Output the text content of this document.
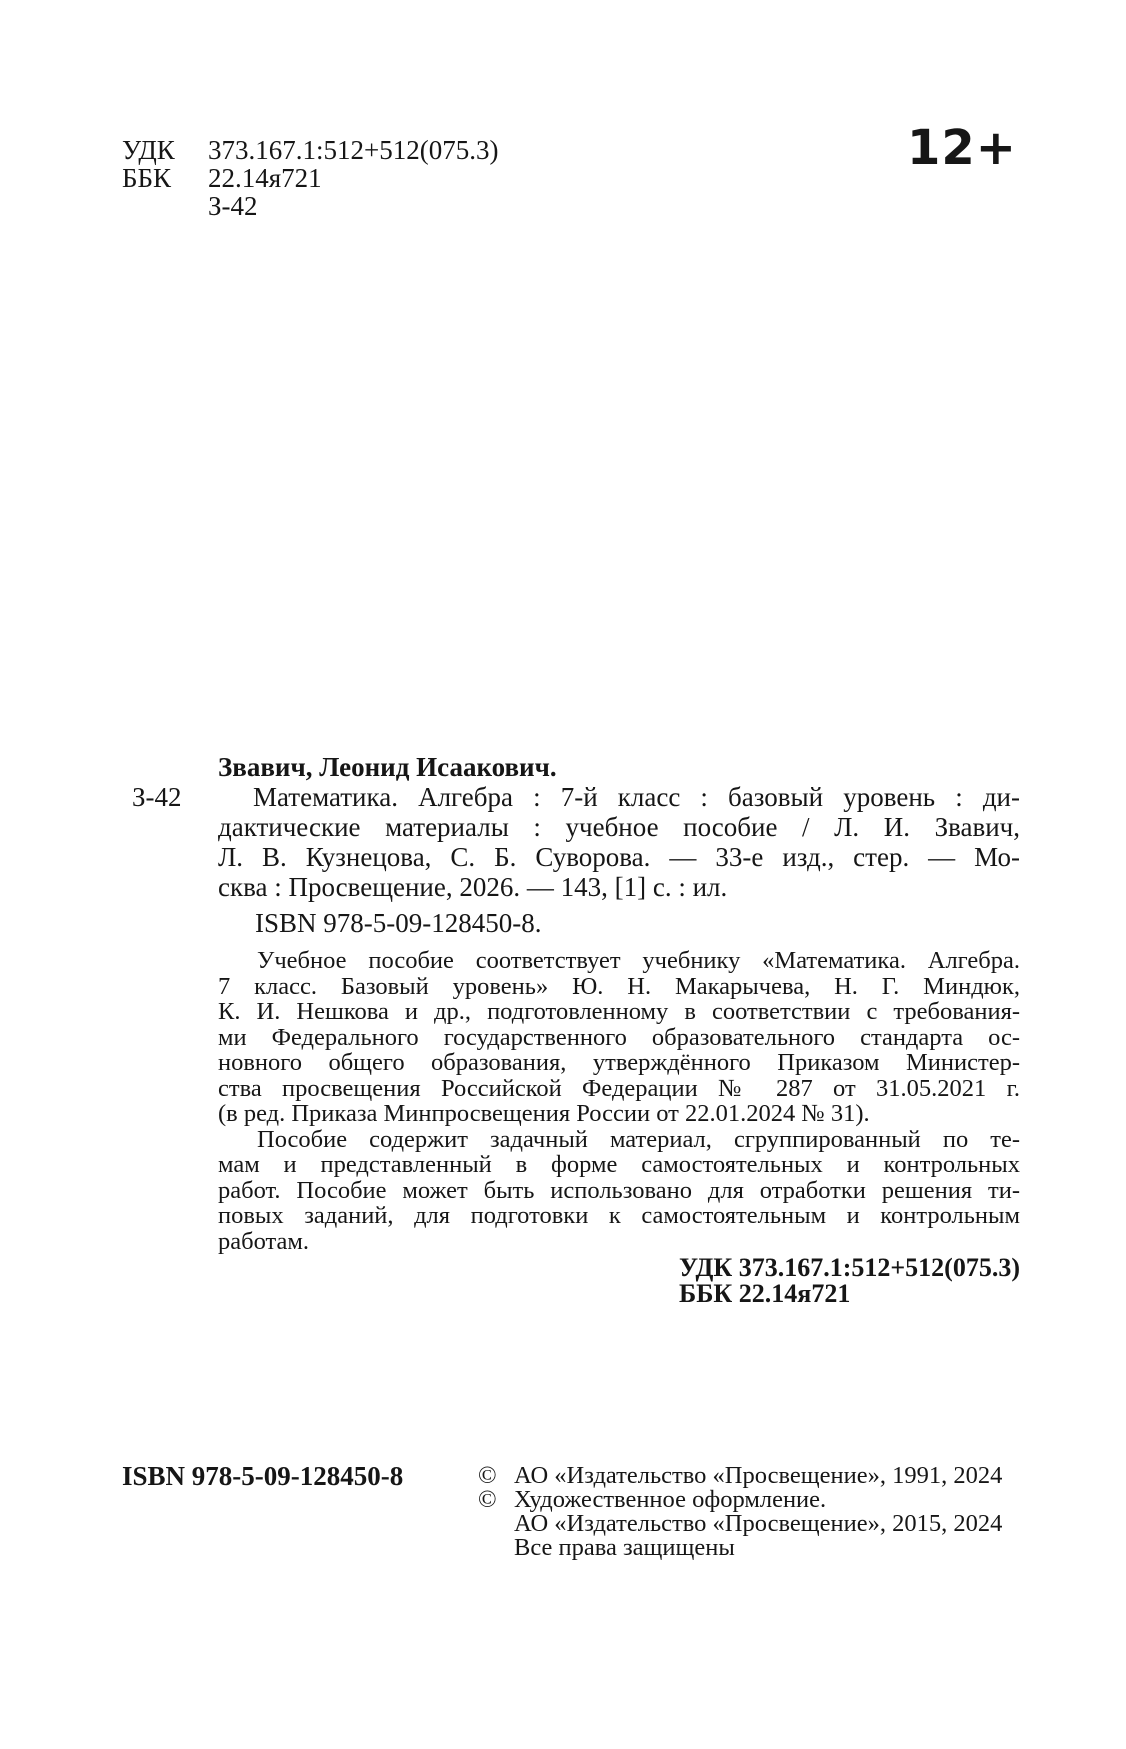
УДК	373.167.1:512+512(075.3)
ББК	22.14я721
З-42
12+
З-42
Звавич, Леонид Исаакович.
Математика. Алгебра : 7-й класс : базовый уровень : ди-
дактические материалы : учебное пособие / Л. И. Звавич,
Л. В. Кузнецова, С. Б. Суворова. — 33-е изд., стер. — Мо-
сква : Просвещение, 2026. — 143, [1] с. : ил.
ISBN 978-5-09-128450-8.
Учебное пособие соответствует учебнику «Математика. Алгебра.
7 класс. Базовый уровень» Ю. Н. Макарычева, Н. Г. Миндюк,
К. И. Нешкова и др., подготовленному в соответствии с требования-
ми Федерального государственного образовательного стандарта ос-
новного общего образования, утверждённого Приказом Министер-
ства просвещения Российской Федерации № 287 от 31.05.2021 г.
(в ред. Приказа Минпросвещения России от 22.01.2024 № 31).
Пособие содержит задачный материал, сгруппированный по те-
мам и представленный в форме самостоятельных и контрольных
работ. Пособие может быть использовано для отработки решения ти-
повых заданий, для подготовки к самостоятельным и контрольным
работам.
УДК 373.167.1:512+512(075.3)
ББК 22.14я721
ISBN 978-5-09-128450-8	© АО «Издательство «Просвещение», 1991, 2024
© Художественное оформление.
АО «Издательство «Просвещение», 2015, 2024
Все права защищены
